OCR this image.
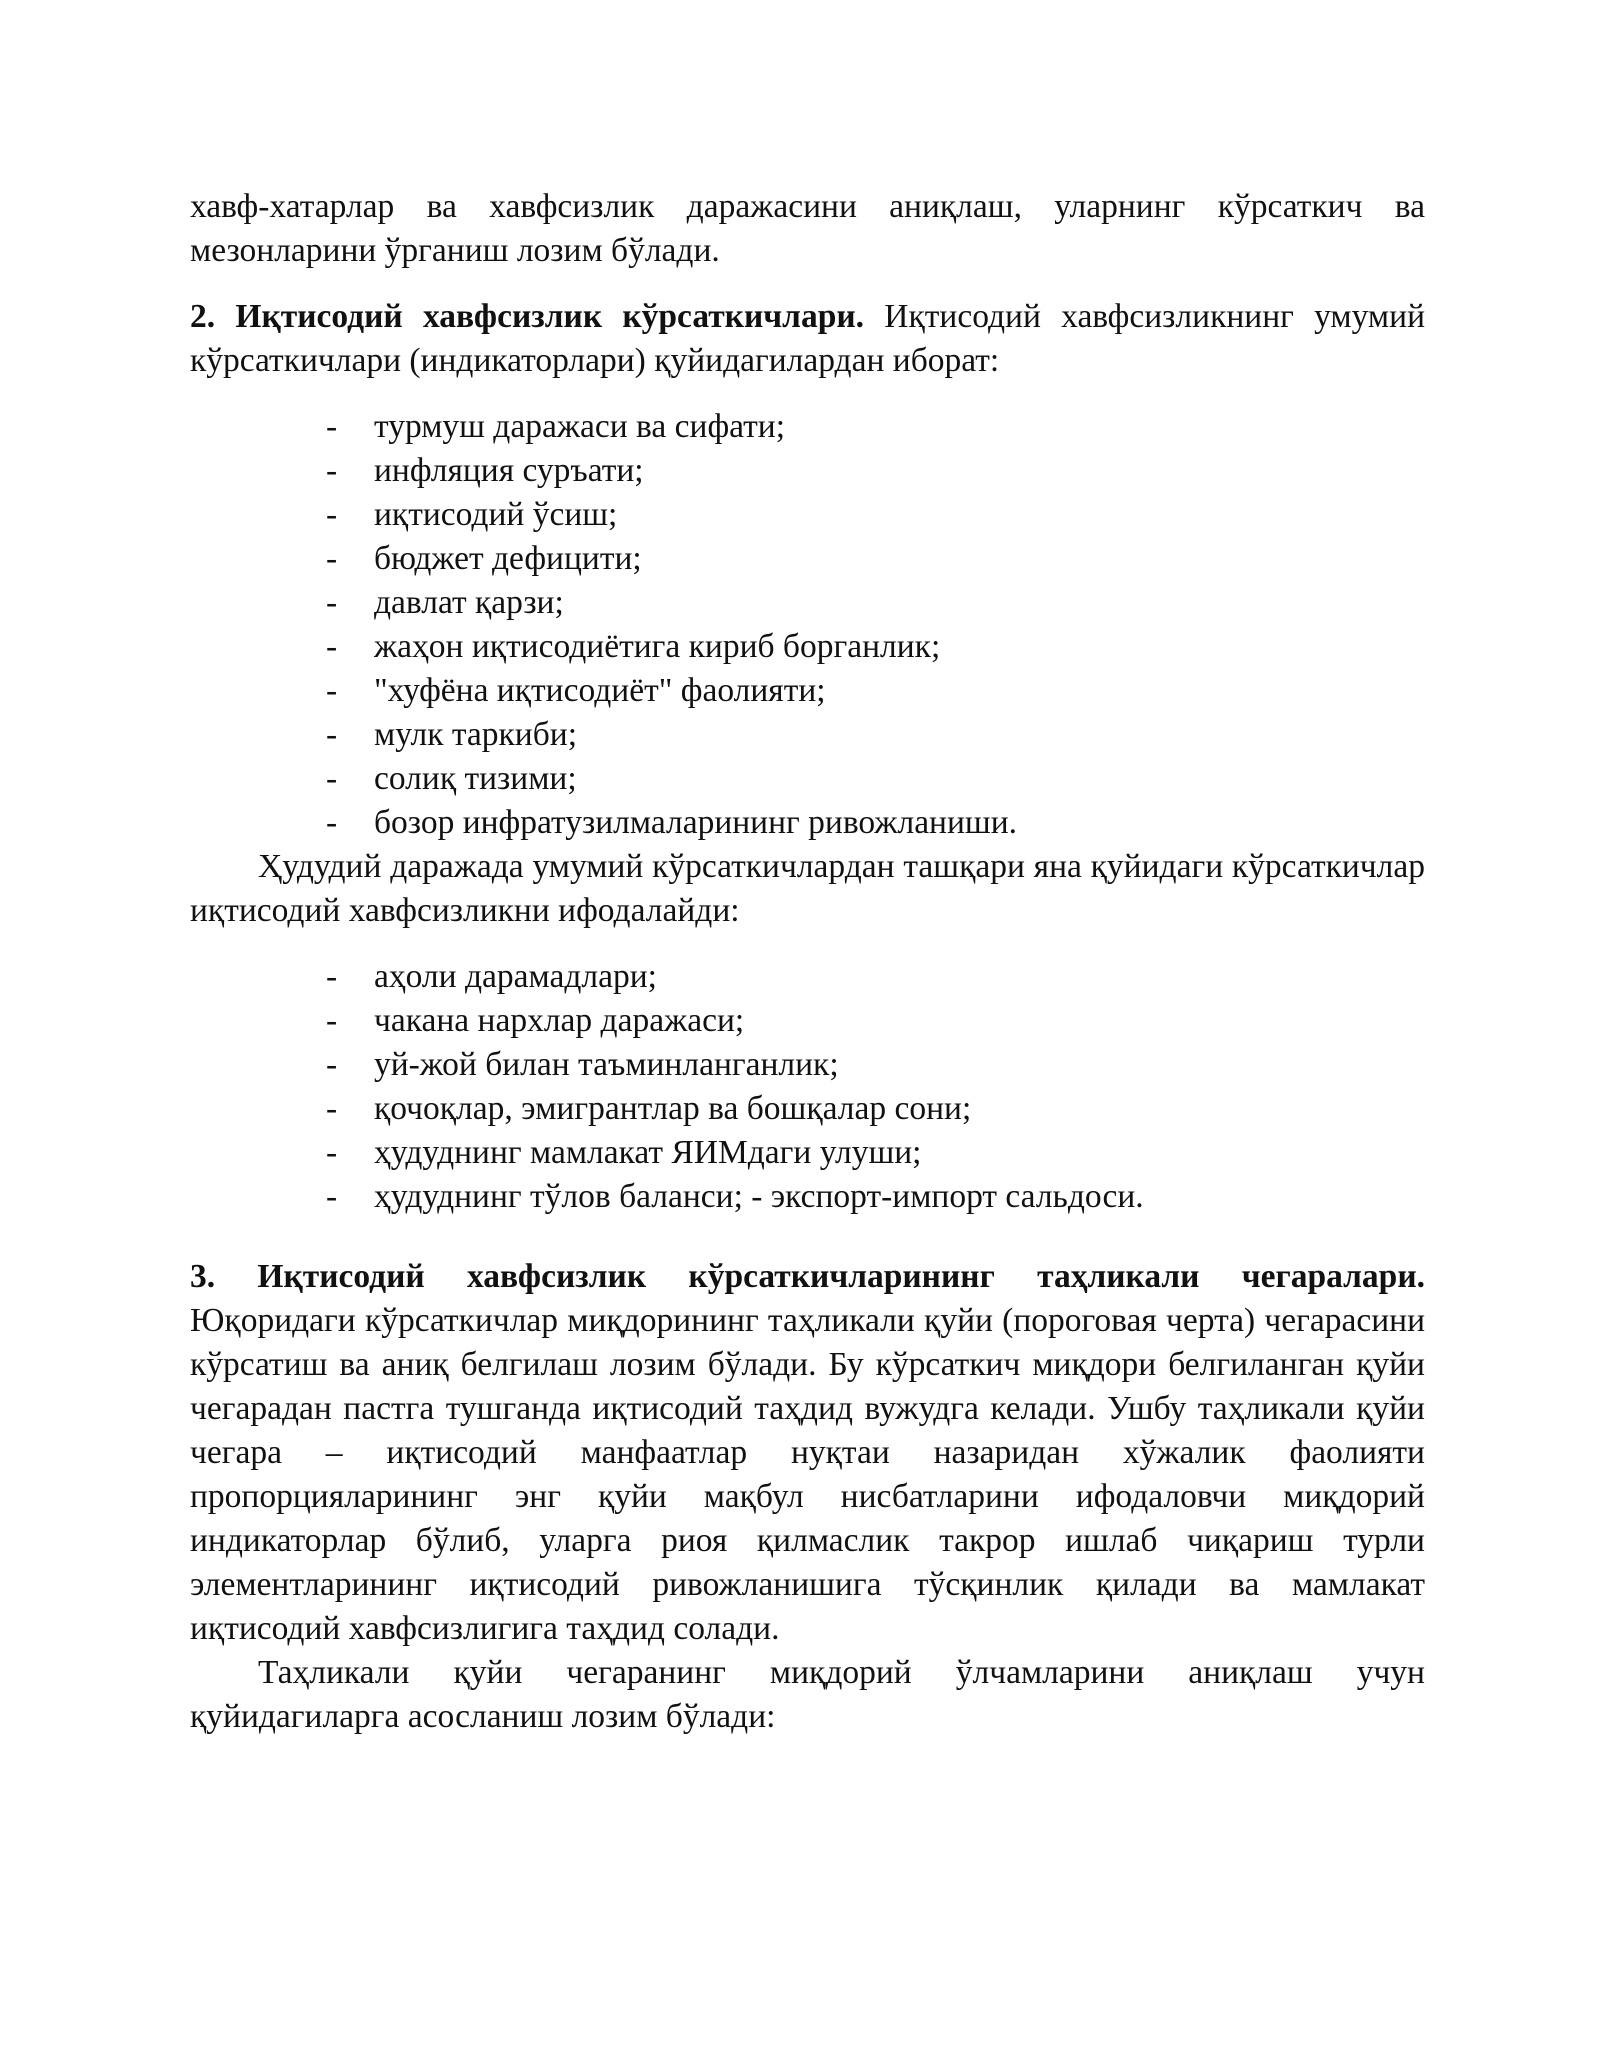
хавф-хатарлар ва хавфсизлик даражасини аниқлаш, уларнинг кўрсаткич ва мезонларини ўрганиш лозим бўлади.

2. Иқтисодий хавфсизлик кўрсаткичлари. Иқтисодий хавфсизликнинг умумий кўрсаткичлари (индикаторлари) қуйидагилардан иборат:

- турмуш даражаси ва сифати;
- инфляция суръати;
- иқтисодий ўсиш;
- бюджет дефицити;
- давлат қарзи;
- жаҳон иқтисодиётига кириб борганлик;
- "хуфёна иқтисодиёт" фаолияти;
- мулк таркиби;
- солиқ тизими;
- бозор инфратузилмаларининг ривожланиши.

Ҳудудий даражада умумий кўрсаткичлардан ташқари яна қуйидаги кўрсаткичлар иқтисодий хавфсизликни ифодалайди:

- аҳоли дарамадлари;
- чакана нархлар даражаси;
- уй-жой билан таъминланганлик;
- қочоқлар, эмигрантлар ва бошқалар сони;
- ҳудуднинг мамлакат ЯИМдаги улуши;
- ҳудуднинг тўлов баланси; - экспорт-импорт сальдоси.

3. Иқтисодий хавфсизлик кўрсаткичларининг таҳликали чегаралари. Юқоридаги кўрсаткичлар миқдорининг таҳликали қуйи (пороговая черта) чегарасини кўрсатиш ва аниқ белгилаш лозим бўлади. Бу кўрсаткич миқдори белгиланган қуйи чегарадан пастга тушганда иқтисодий таҳдид вужудга келади. Ушбу таҳликали қуйи чегара – иқтисодий манфаатлар нуқтаи назаридан хўжалик фаолияти пропорцияларининг энг қуйи мақбул нисбатларини ифодаловчи миқдорий индикаторлар бўлиб, уларга риоя қилмаслик такрор ишлаб чиқариш турли элементларининг иқтисодий ривожланишига тўсқинлик қилади ва мамлакат иқтисодий хавфсизлигига таҳдид солади.

Таҳликали қуйи чегаранинг миқдорий ўлчамларини аниқлаш учун қуйидагиларга асосланиш лозим бўлади:
